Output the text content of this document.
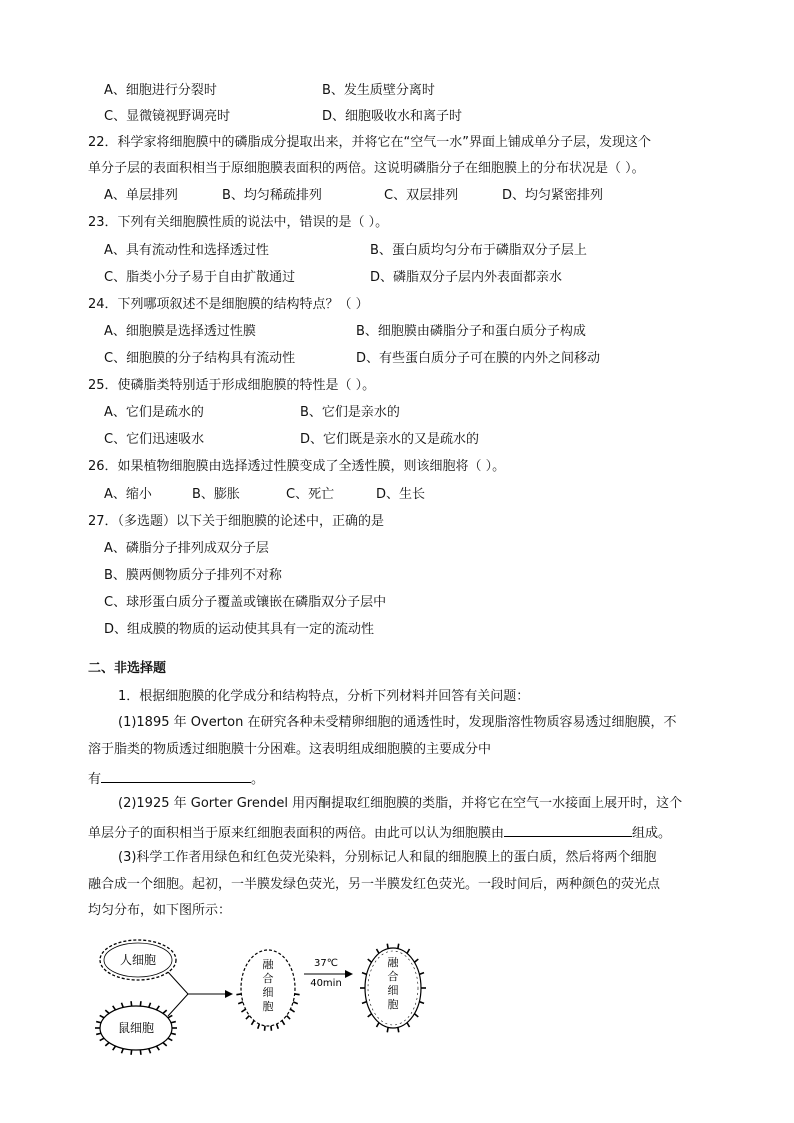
A、细胞进行分裂时	B、发生质壁分离时
C、显微镜视野调亮时	D、细胞吸收水和离子时
22．科学家将细胞膜中的磷脂成分提取出来，并将它在“空气一水”界面上铺成单分子层，发现这个
单分子层的表面积相当于原细胞膜表面积的两倍。这说明磷脂分子在细胞膜上的分布状况是（ ）。
A、单层排列	B、均匀稀疏排列	C、双层排列	D、均匀紧密排列
23．下列有关细胞膜性质的说法中，错误的是（ ）。
A、具有流动性和选择透过性	B、蛋白质均匀分布于磷脂双分子层上
C、脂类小分子易于自由扩散通过	D、磷脂双分子层内外表面都亲水
24．下列哪项叙述不是细胞膜的结构特点？（ ）
A、细胞膜是选择透过性膜	B、细胞膜由磷脂分子和蛋白质分子构成
C、细胞膜的分子结构具有流动性	D、有些蛋白质分子可在膜的内外之间移动
25．使磷脂类特别适于形成细胞膜的特性是（ ）。
A、它们是疏水的	B、它们是亲水的
C、它们迅速吸水	D、它们既是亲水的又是疏水的
26．如果植物细胞膜由选择透过性膜变成了全透性膜，则该细胞将（ ）。
A、缩小	B、膨胀	C、死亡	D、生长
27．（多选题）以下关于细胞膜的论述中，正确的是
A、磷脂分子排列成双分子层
B、膜两侧物质分子排列不对称
C、球形蛋白质分子覆盖或镶嵌在磷脂双分子层中
D、组成膜的物质的运动使其具有一定的流动性
二、非选择题
1．根据细胞膜的化学成分和结构特点，分析下列材料并回答有关问题：
(1)1895 年 Overton 在研究各种未受精卵细胞的通透性时，发现脂溶性物质容易透过细胞膜，不
溶于脂类的物质透过细胞膜十分困难。这表明组成细胞膜的主要成分中
有	。
(2)1925 年 Gorter Grendel 用丙酮提取红细胞膜的类脂，并将它在空气一水接面上展开时，这个
单层分子的面积相当于原来红细胞表面积的两倍。由此可以认为细胞膜由	组成。
(3)科学工作者用绿色和红色荧光染料，分别标记人和鼠的细胞膜上的蛋白质，然后将两个细胞
融合成一个细胞。起初，一半膜发绿色荧光，另一半膜发红色荧光。一段时间后，两种颜色的荧光点
均匀分布，如下图所示：
人细胞
鼠细胞
融
合
细
胞
37℃
40min
融
合
细
胞
